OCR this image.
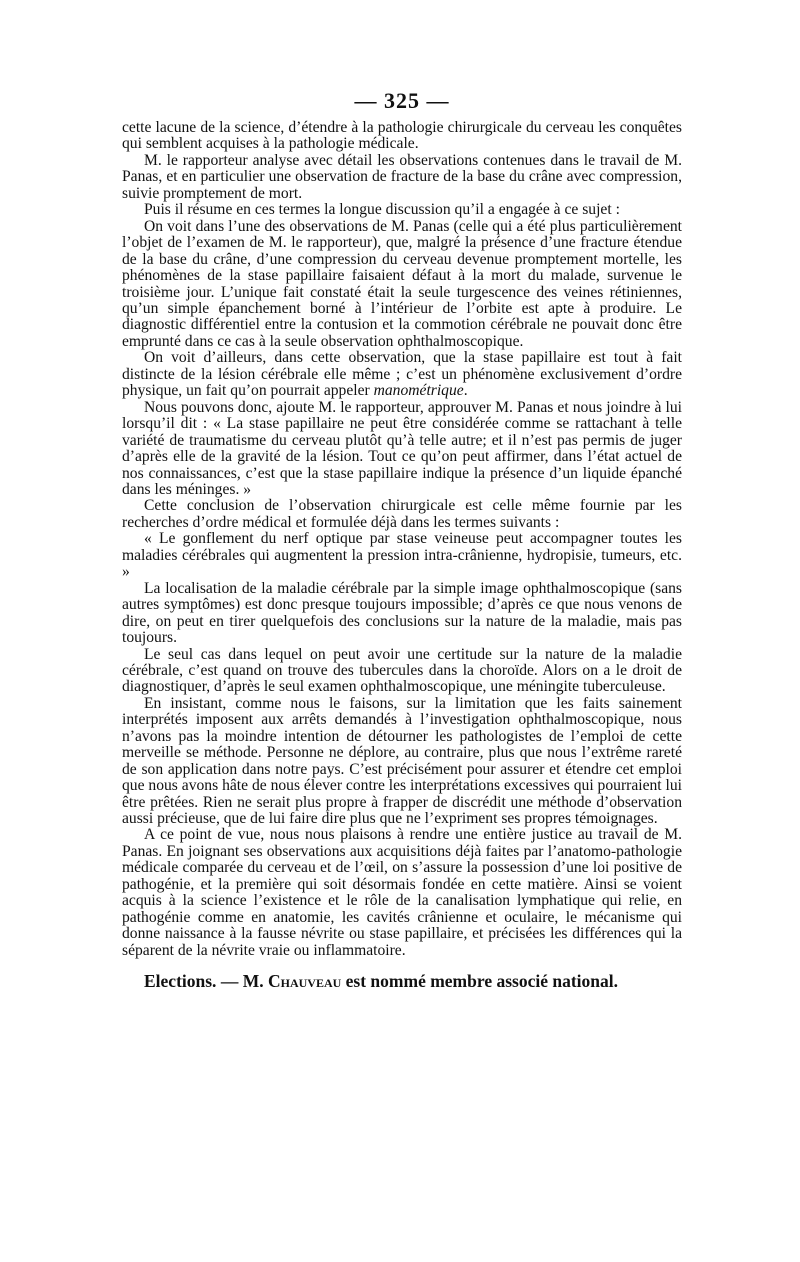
— 325 —

cette lacune de la science, d’étendre à la pathologie chirurgicale du cerveau les conquêtes qui semblent acquises à la pathologie médicale.

M. le rapporteur analyse avec détail les observations contenues dans le travail de M. Panas, et en particulier une observation de fracture de la base du crâne avec compression, suivie promptement de mort.

Puis il résume en ces termes la longue discussion qu’il a engagée à ce sujet :

On voit dans l’une des observations de M. Panas (celle qui a été plus particulièrement l’objet de l’examen de M. le rapporteur), que, malgré la présence d’une fracture étendue de la base du crâne, d’une compression du cerveau devenue promptement mortelle, les phénomènes de la stase papillaire faisaient défaut à la mort du malade, survenue le troisième jour. L’unique fait constaté était la seule turgescence des veines rétiniennes, qu’un simple épanchement borné à l’intérieur de l’orbite est apte à produire. Le diagnostic différentiel entre la contusion et la commotion cérébrale ne pouvait donc être emprunté dans ce cas à la seule observation ophthalmoscopique.

On voit d’ailleurs, dans cette observation, que la stase papillaire est tout à fait distincte de la lésion cérébrale elle même ; c’est un phénomène exclusivement d’ordre physique, un fait qu’on pourrait appeler manométrique.

Nous pouvons donc, ajoute M. le rapporteur, approuver M. Panas et nous joindre à lui lorsqu’il dit : « La stase papillaire ne peut être considérée comme se rattachant à telle variété de traumatisme du cerveau plutôt qu’à telle autre; et il n’est pas permis de juger d’après elle de la gravité de la lésion. Tout ce qu’on peut affirmer, dans l’état actuel de nos connaissances, c’est que la stase papillaire indique la présence d’un liquide épanché dans les méninges. »

Cette conclusion de l’observation chirurgicale est celle même fournie par les recherches d’ordre médical et formulée déjà dans les termes suivants :

« Le gonflement du nerf optique par stase veineuse peut accompagner toutes les maladies cérébrales qui augmentent la pression intra-crânienne, hydropisie, tumeurs, etc. »

La localisation de la maladie cérébrale par la simple image ophthalmoscopique (sans autres symptômes) est donc presque toujours impossible; d’après ce que nous venons de dire, on peut en tirer quelquefois des conclusions sur la nature de la maladie, mais pas toujours.

Le seul cas dans lequel on peut avoir une certitude sur la nature de la maladie cérébrale, c’est quand on trouve des tubercules dans la choroïde. Alors on a le droit de diagnostiquer, d’après le seul examen ophthalmoscopique, une méningite tuberculeuse.

En insistant, comme nous le faisons, sur la limitation que les faits sainement interprétés imposent aux arrêts demandés à l’investigation ophthalmoscopique, nous n’avons pas la moindre intention de détourner les pathologistes de l’emploi de cette merveille se méthode. Personne ne déplore, au contraire, plus que nous l’extrême rareté de son application dans notre pays. C’est précisément pour assurer et étendre cet emploi que nous avons hâte de nous élever contre les interprétations excessives qui pourraient lui être prêtées. Rien ne serait plus propre à frapper de discrédit une méthode d’observation aussi précieuse, que de lui faire dire plus que ne l’expriment ses propres témoignages.

A ce point de vue, nous nous plaisons à rendre une entière justice au travail de M. Panas. En joignant ses observations aux acquisitions déjà faites par l’anatomo-pathologie médicale comparée du cerveau et de l’œil, on s’assure la possession d’une loi positive de pathogénie, et la première qui soit désormais fondée en cette matière. Ainsi se voient acquis à la science l’existence et le rôle de la canalisation lymphatique qui relie, en pathogénie comme en anatomie, les cavités crânienne et oculaire, le mécanisme qui donne naissance à la fausse névrite ou stase papillaire, et précisées les différences qui la séparent de la névrite vraie ou inflammatoire.

Elections. — M. Chauveau est nommé membre associé national.
